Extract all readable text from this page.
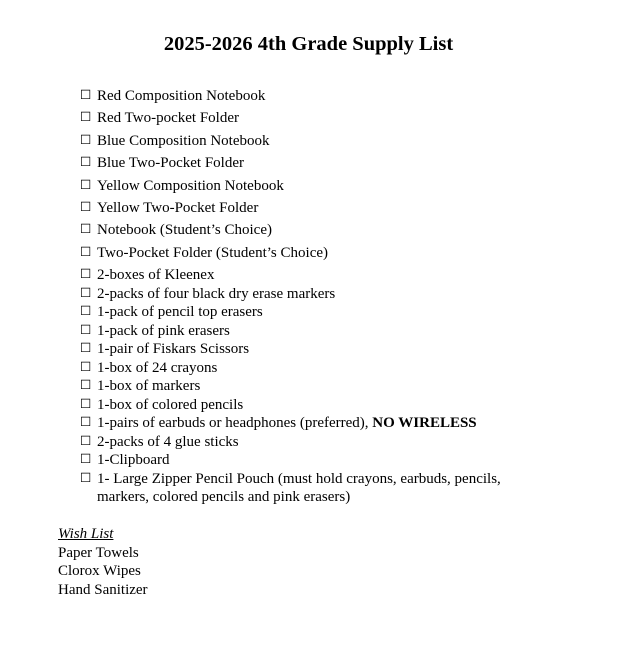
2025-2026 4th Grade Supply List
☐ Red Composition Notebook
☐ Red Two-pocket Folder
☐ Blue Composition Notebook
☐ Blue Two-Pocket Folder
☐ Yellow Composition Notebook
☐ Yellow Two-Pocket Folder
☐ Notebook (Student’s Choice)
☐ Two-Pocket Folder (Student’s Choice)
☐ 2-boxes of Kleenex
☐ 2-packs of four black dry erase markers
☐ 1-pack of pencil top erasers
☐ 1-pack of pink erasers
☐ 1-pair of Fiskars Scissors
☐ 1-box of 24 crayons
☐ 1-box of markers
☐ 1-box of colored pencils
☐ 1-pairs of earbuds or headphones (preferred), NO WIRELESS
☐ 2-packs of 4 glue sticks
☐ 1-Clipboard
☐ 1- Large Zipper Pencil Pouch (must hold crayons, earbuds, pencils, markers, colored pencils and pink erasers)
Wish List
Paper Towels
Clorox Wipes
Hand Sanitizer
